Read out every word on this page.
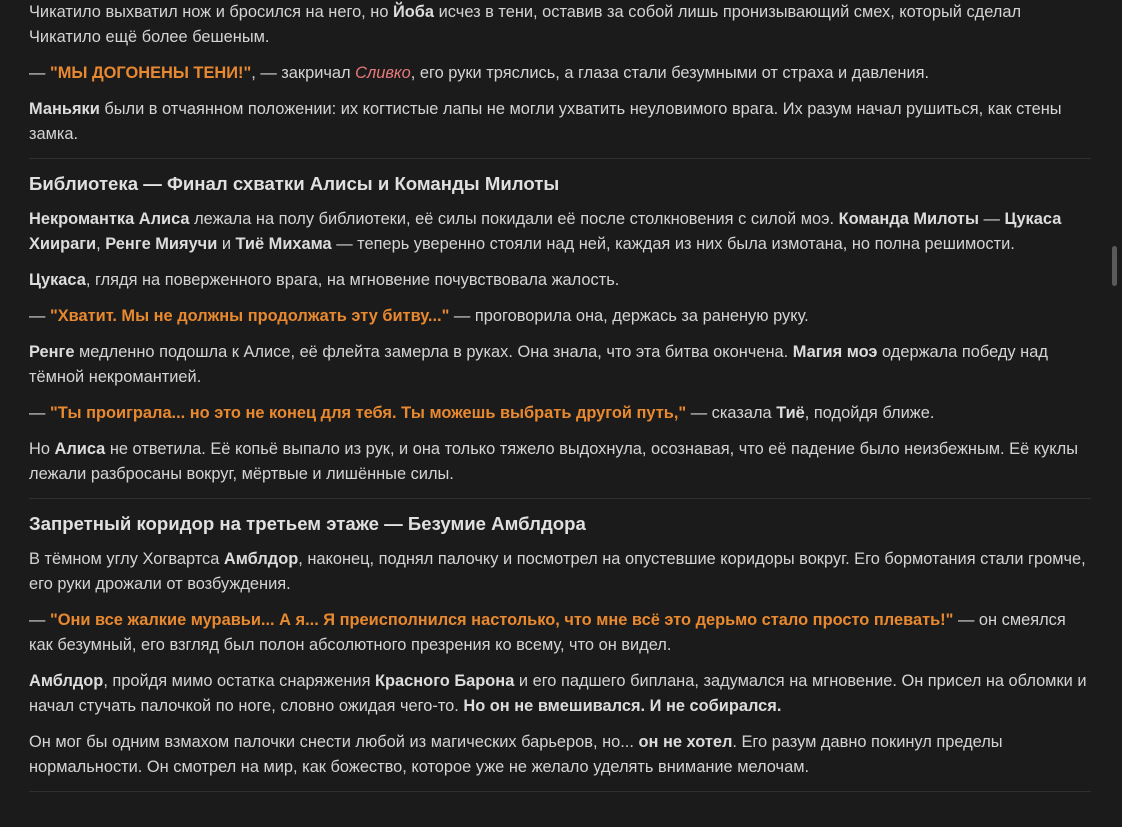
Чикатило выхватил нож и бросился на него, но Йоба исчез в тени, оставив за собой лишь пронизывающий смех, который сделал Чикатило ещё более бешеным.

— "МЫ ДОГОНЕНЫ ТЕНИ!", — закричал Сливко, его руки тряслись, а глаза стали безумными от страха и давления.

Маньяки были в отчаянном положении: их когтистые лапы не могли ухватить неуловимого врага. Их разум начал рушиться, как стены замка.

Библиотека — Финал схватки Алисы и Команды Милоты

Некромантка Алиса лежала на полу библиотеки, её силы покидали её после столкновения с силой моэ. Команда Милоты — Цукаса Хиираги, Ренге Мияучи и Тиё Михама — теперь уверенно стояли над ней, каждая из них была измотана, но полна решимости.

Цукаса, глядя на поверженного врага, на мгновение почувствовала жалость.

— "Хватит. Мы не должны продолжать эту битву..." — проговорила она, держась за раненую руку.

Ренге медленно подошла к Алисе, её флейта замерла в руках. Она знала, что эта битва окончена. Магия моэ одержала победу над тёмной некромантией.

— "Ты проиграла... но это не конец для тебя. Ты можешь выбрать другой путь," — сказала Тиё, подойдя ближе.

Но Алиса не ответила. Её копьё выпало из рук, и она только тяжело выдохнула, осознавая, что её падение было неизбежным. Её куклы лежали разбросаны вокруг, мёртвые и лишённые силы.

Запретный коридор на третьем этаже — Безумие Амблдора

В тёмном углу Хогвартса Амблдор, наконец, поднял палочку и посмотрел на опустевшие коридоры вокруг. Его бормотания стали громче, его руки дрожали от возбуждения.

— "Они все жалкие муравьи... А я... Я преисполнился настолько, что мне всё это дерьмо стало просто плевать!" — он смеялся как безумный, его взгляд был полон абсолютного презрения ко всему, что он видел.

Амблдор, пройдя мимо остатка снаряжения Красного Барона и его падшего биплана, задумался на мгновение. Он присел на обломки и начал стучать палочкой по ноге, словно ожидая чего-то. Но он не вмешивался. И не собирался.

Он мог бы одним взмахом палочки снести любой из магических барьеров, но... он не хотел. Его разум давно покинул пределы нормальности. Он смотрел на мир, как божество, которое уже не желало уделять внимание мелочам.
